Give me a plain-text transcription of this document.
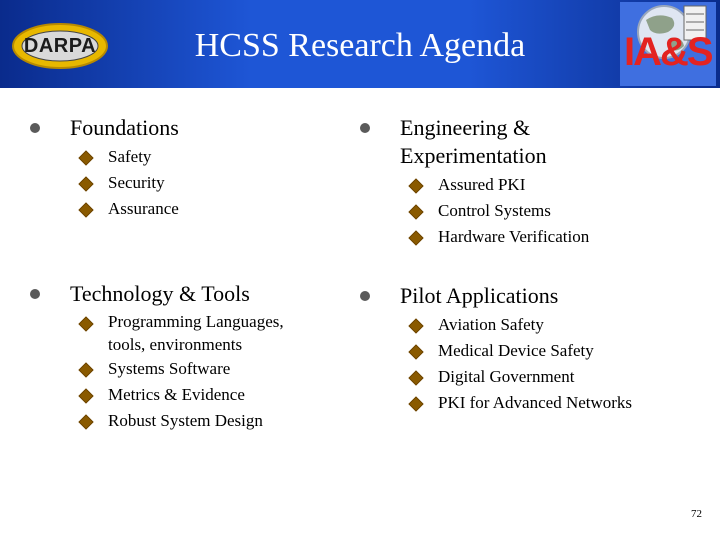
DARPA	HCSS Research Agenda	IA&S
Foundations
Safety
Security
Assurance
Engineering &
Experimentation
Assured PKI
Control Systems
Hardware Verification
Technology & Tools
Programming Languages,
tools, environments
Systems Software
Metrics & Evidence
Robust System Design
Pilot Applications
Aviation Safety
Medical Device Safety
Digital Government
PKI for Advanced Networks
72
